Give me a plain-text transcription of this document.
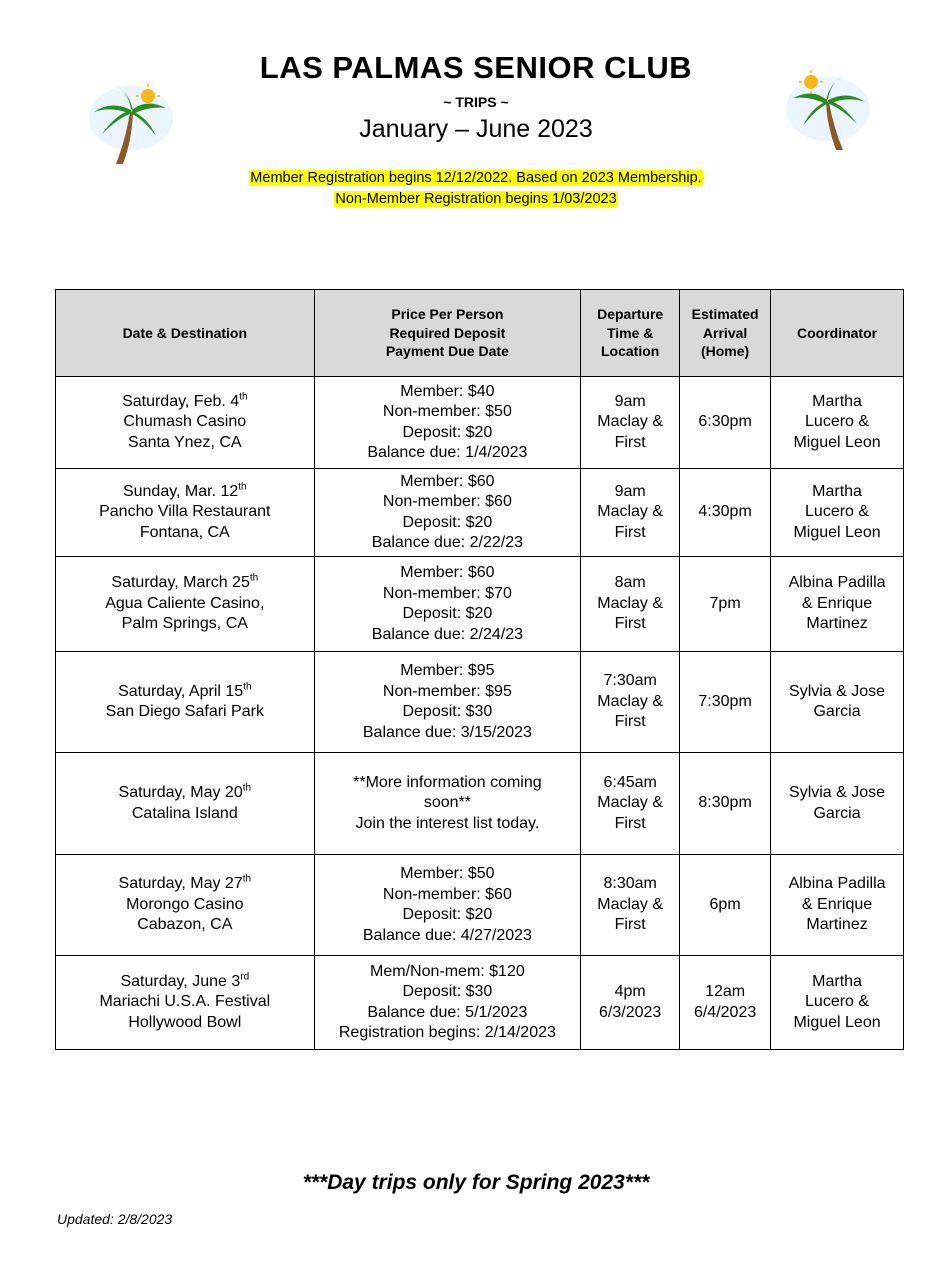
LAS PALMAS SENIOR CLUB
~ TRIPS ~
January – June 2023
Member Registration begins 12/12/2022. Based on 2023 Membership.
Non-Member Registration begins 1/03/2023
Date & Destination	Price Per Person
Required Deposit
Payment Due Date	Departure
Time &
Location	Estimated
Arrival
(Home)	Coordinator
Saturday, Feb. 4th
Chumash Casino
Santa Ynez, CA	Member: $40
Non-member: $50
Deposit: $20
Balance due: 1/4/2023	9am
Maclay &
First	6:30pm	Martha
Lucero &
Miguel Leon
Sunday, Mar. 12th
Pancho Villa Restaurant
Fontana, CA	Member: $60
Non-member: $60
Deposit: $20
Balance due: 2/22/23	9am
Maclay &
First	4:30pm	Martha
Lucero &
Miguel Leon
Saturday, March 25th
Agua Caliente Casino,
Palm Springs, CA	Member: $60
Non-member: $70
Deposit: $20
Balance due: 2/24/23	8am
Maclay &
First	7pm	Albina Padilla
& Enrique
Martinez
Saturday, April 15th
San Diego Safari Park	Member: $95
Non-member: $95
Deposit: $30
Balance due: 3/15/2023	7:30am
Maclay &
First	7:30pm	Sylvia & Jose
Garcia
Saturday, May 20th
Catalina Island	**More information coming
soon**
Join the interest list today.	6:45am
Maclay &
First	8:30pm	Sylvia & Jose
Garcia
Saturday, May 27th
Morongo Casino
Cabazon, CA	Member: $50
Non-member: $60
Deposit: $20
Balance due: 4/27/2023	8:30am
Maclay &
First	6pm	Albina Padilla
& Enrique
Martinez
Saturday, June 3rd
Mariachi U.S.A. Festival
Hollywood Bowl	Mem/Non-mem: $120
Deposit: $30
Balance due: 5/1/2023
Registration begins: 2/14/2023	4pm
6/3/2023	12am
6/4/2023	Martha
Lucero &
Miguel Leon
***Day trips only for Spring 2023***
Updated: 2/8/2023
